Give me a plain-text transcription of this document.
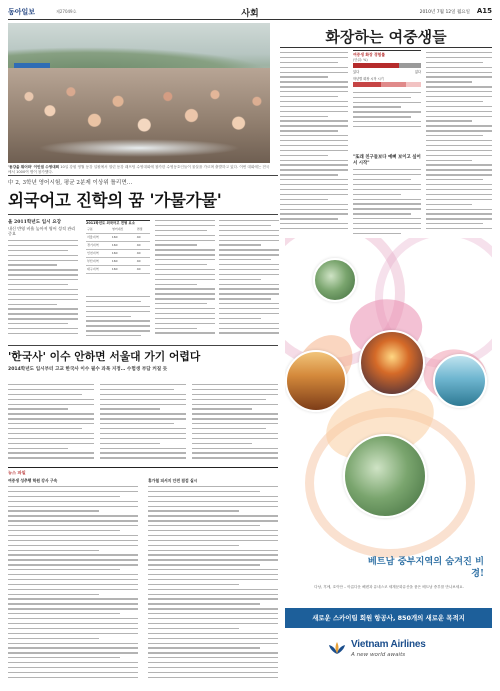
동아일보	제27049호	사회	2010년 7월 12일 월요일 A15
'동강을 뛰어라' 이인권 수영대회 10일 강원 영월 동강 일원에서 열린 동강 래프팅 수영대회에 참가한 수영동호인들이 물살을 가르며 출발하고 있다. 이번 대회에는 전국에서 1000여 명이 참가했다.
화장하는 여중생들
여중생 화장 경험률
(단위: %)
있다	없다
학년별 화장 시작 시기
"또래 친구들보다 예뻐 보이고 싶어서 시작"
中 2, 3학년 영어시험, 평균 2분제 이상위 틀리면…
외국어고 진학의 꿈 '가물가물'
올 2011학년도 입시 요강
내신 반영 비율 높아져 영어 성적 관리 중요
2011학년도 외국어고 전형 요소
구분	영어내신	면접
서울지역	160	40
경기지역	160	40
인천지역	160	40
부산지역	160	40
대구지역	160	40
'한국사' 이수 안하면 서울대 가기 어렵다
2014학년도 입시부터 고교 한국사 이수 필수 과목 지정… 수험생 부담 커질 듯
뉴스 파일
여중생 성추행 학원 강사 구속	휴가철 피서지 안전 점검 실시
베트남 중부지역의 숨겨진 비경!
다낭, 후에, 호이안 – 아름다운 해변과 유네스코 세계문화유산을 품은 베트남 중부를 만나보세요.
새로운 스카이팀 회원 항공사, 850개의 새로운 목적지
Vietnam Airlines
A new world awaits
